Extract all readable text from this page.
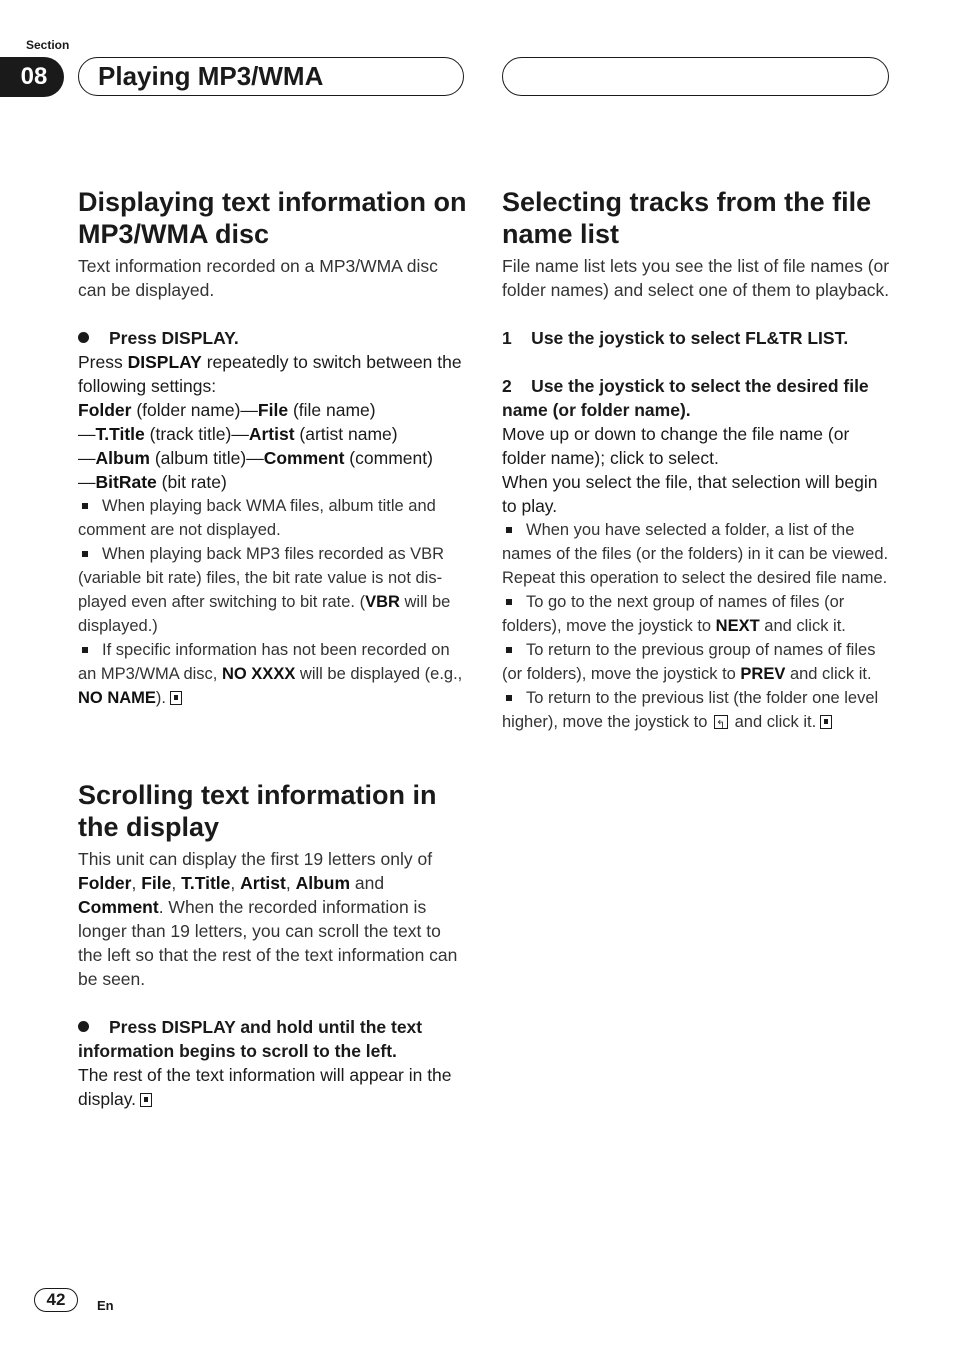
Section
08	Playing MP3/WMA
Displaying text information on MP3/WMA disc

Text information recorded on a MP3/WMA disc can be displayed.

Press DISPLAY.

Press DISPLAY repeatedly to switch between the following settings:
Folder (folder name)—File (file name)
—T.Title (track title)—Artist (artist name)
—Album (album title)—Comment (comment)
—BitRate (bit rate)

When playing back WMA files, album title and comment are not displayed.

When playing back MP3 files recorded as VBR (variable bit rate) files, the bit rate value is not displayed even after switching to bit rate. (VBR will be displayed.)

If specific information has not been recorded on an MP3/WMA disc, NO XXXX will be displayed (e.g., NO NAME).

Scrolling text information in the display

This unit can display the first 19 letters only of Folder, File, T.Title, Artist, Album and Comment. When the recorded information is longer than 19 letters, you can scroll the text to the left so that the rest of the text information can be seen.

Press DISPLAY and hold until the text information begins to scroll to the left.

The rest of the text information will appear in the display.

Selecting tracks from the file name list

File name list lets you see the list of file names (or folder names) and select one of them to playback.

1    Use the joystick to select FL&TR LIST.

2    Use the joystick to select the desired file name (or folder name).

Move up or down to change the file name (or folder name); click to select.

When you select the file, that selection will begin to play.

When you have selected a folder, a list of the names of the files (or the folders) in it can be viewed. Repeat this operation to select the desired file name.

To go to the next group of names of files (or folders), move the joystick to NEXT and click it.

To return to the previous group of names of files (or folders), move the joystick to PREV and click it.

To return to the previous list (the folder one level higher), move the joystick to ↰ and click it.

42	En
